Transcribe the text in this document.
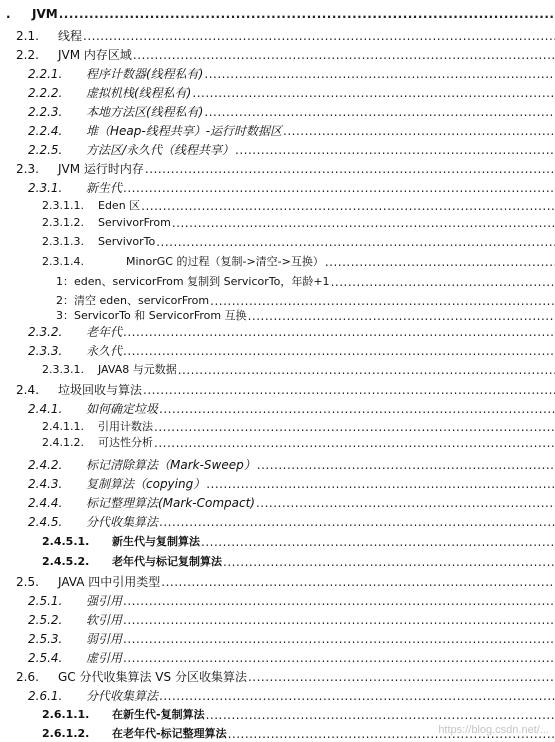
.	JVM
.....
2.1.	线程
.....
2.2.	JVM 内存区域
.....
2.2.1.	程序计数器(线程私有)
.....
2.2.2.	虚拟机栈(线程私有)
.....
2.2.3.	本地方法区(线程私有)
.....
2.2.4.	堆（Heap-线程共享）-运行时数据区
.....
2.2.5.	方法区/永久代（线程共享）
.....
2.3.	JVM 运行时内存
.....
2.3.1.	新生代
.....
2.3.1.1.	Eden 区
.....
2.3.1.2.	ServivorFrom
.....
2.3.1.3.	ServivorTo
.....
2.3.1.4.	MinorGC 的过程（复制->清空->互换）
.....
1：eden、servicorFrom 复制到 ServicorTo，年龄+1
.....
2：清空 eden、servicorFrom
.....
3：ServicorTo 和 ServicorFrom 互换
.....
2.3.2.	老年代
.....
2.3.3.	永久代
.....
2.3.3.1.	JAVA8 与元数据
.....
2.4.	垃圾回收与算法
.....
2.4.1.	如何确定垃圾
.....
2.4.1.1.	引用计数法
.....
2.4.1.2.	可达性分析
.....
2.4.2.	标记清除算法（Mark-Sweep）
.....
2.4.3.	复制算法（copying）
.....
2.4.4.	标记整理算法(Mark-Compact)
.....
2.4.5.	分代收集算法
.....
2.4.5.1.	新生代与复制算法
.....
2.4.5.2.	老年代与标记复制算法
.....
2.5.	JAVA 四中引用类型
.....
2.5.1.	强引用
.....
2.5.2.	软引用
.....
2.5.3.	弱引用
.....
2.5.4.	虚引用
.....
2.6.	GC 分代收集算法 VS 分区收集算法
.....
2.6.1.	分代收集算法
.....
2.6.1.1.	在新生代-复制算法
.....
2.6.1.2.	在老年代-标记整理算法
.....	https://blog.csdn.net/...
